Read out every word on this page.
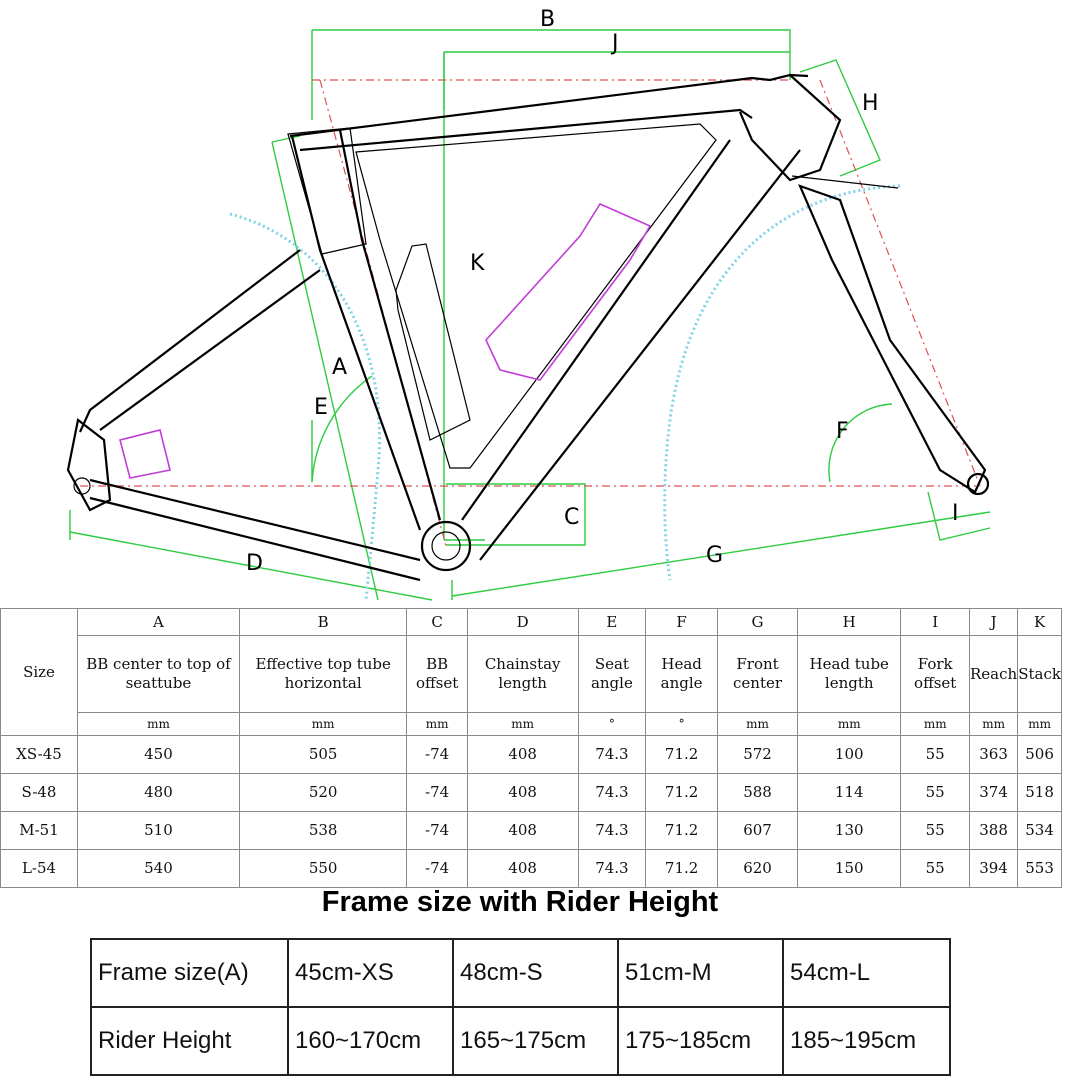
B
J
H
K
A
E
F
C	I
D	G
Size	A	B	C	D	E	F	G	H	I	J	K
	BB center to top of seattube	Effective top tube horizontal	BB offset	Chainstay length	Seat angle	Head angle	Front center	Head tube length	Fork offset	Reach	Stack
	mm	mm	mm	mm	°	°	mm	mm	mm	mm	mm
XS-45	450	505	-74	408	74.3	71.2	572	100	55	363	506
S-48	480	520	-74	408	74.3	71.2	588	114	55	374	518
M-51	510	538	-74	408	74.3	71.2	607	130	55	388	534
L-54	540	550	-74	408	74.3	71.2	620	150	55	394	553
Frame size with Rider Height
Frame size(A)	45cm-XS	48cm-S	51cm-M	54cm-L
Rider Height	160~170cm	165~175cm	175~185cm	185~195cm
